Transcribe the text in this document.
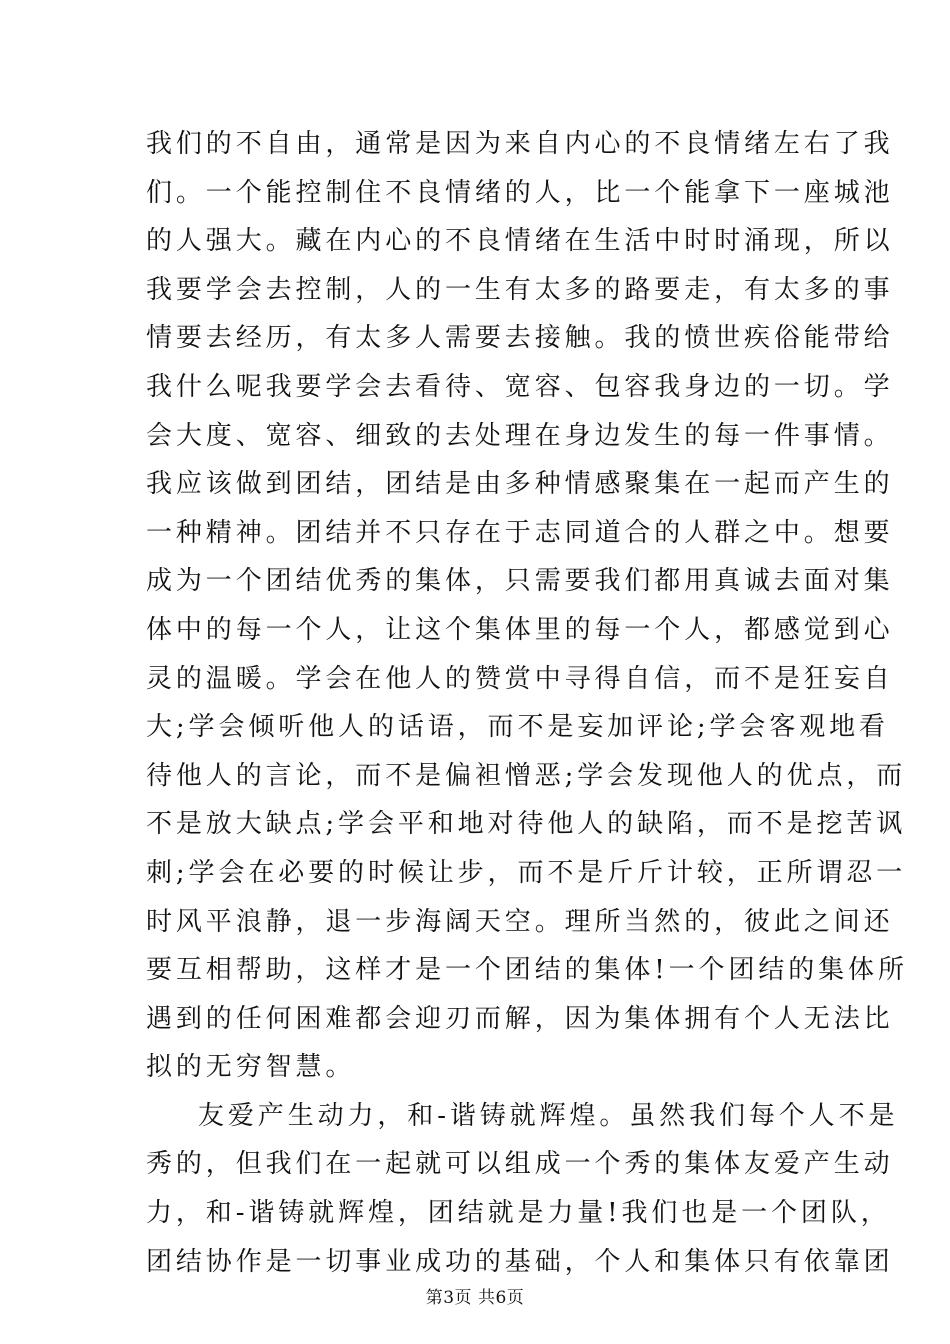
我们的不自由，通常是因为来自内心的不良情绪左右了我
们。一个能控制住不良情绪的人，比一个能拿下一座城池
的人强大。藏在内心的不良情绪在生活中时时涌现，所以
我要学会去控制，人的一生有太多的路要走，有太多的事
情要去经历，有太多人需要去接触。我的愤世疾俗能带给
我什么呢我要学会去看待、宽容、包容我身边的一切。学
会大度、宽容、细致的去处理在身边发生的每一件事情。
我应该做到团结，团结是由多种情感聚集在一起而产生的
一种精神。团结并不只存在于志同道合的人群之中。想要
成为一个团结优秀的集体，只需要我们都用真诚去面对集
体中的每一个人，让这个集体里的每一个人，都感觉到心
灵的温暖。学会在他人的赞赏中寻得自信，而不是狂妄自
大;学会倾听他人的话语，而不是妄加评论;学会客观地看
待他人的言论，而不是偏袒憎恶;学会发现他人的优点，而
不是放大缺点;学会平和地对待他人的缺陷，而不是挖苦讽
刺;学会在必要的时候让步，而不是斤斤计较，正所谓忍一
时风平浪静，退一步海阔天空。理所当然的，彼此之间还
要互相帮助，这样才是一个团结的集体!一个团结的集体所
遇到的任何困难都会迎刃而解，因为集体拥有个人无法比
拟的无穷智慧。
友爱产生动力，和-谐铸就辉煌。虽然我们每个人不是
秀的，但我们在一起就可以组成一个秀的集体友爱产生动
力，和-谐铸就辉煌，团结就是力量!我们也是一个团队，
团结协作是一切事业成功的基础，个人和集体只有依靠团
第3页 共6页
